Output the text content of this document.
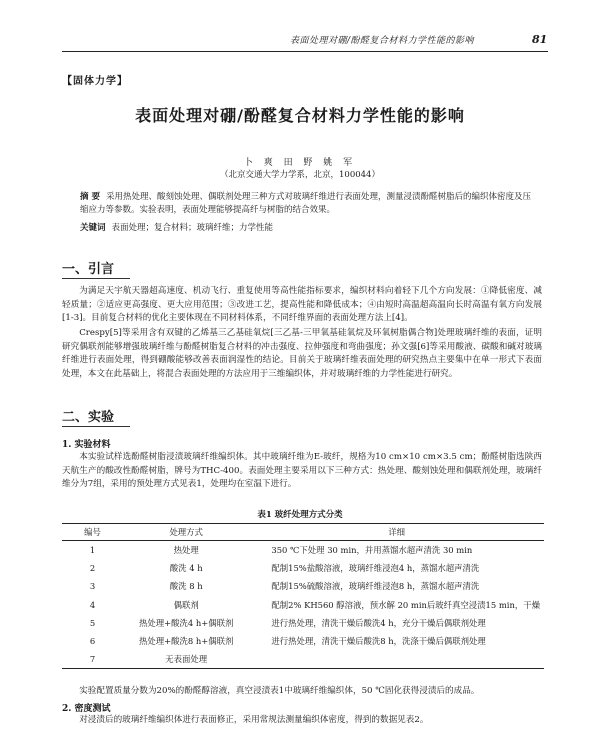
表面处理对硼/酚醛复合材料力学性能的影响	81
【固体力学】
表面处理对硼/酚醛复合材料力学性能的影响
卜 爽 田 野 姚 军
（北京交通大学力学系，北京，100044）
摘 要 采用热处理、酸刻蚀处理、偶联剂处理三种方式对玻璃纤维进行表面处理，测量浸渍酚醛树脂后的编织体密度及压缩应力等参数。实验表明，表面处理能够提高纤与树脂的结合效果。
关键词 表面处理；复合材料；玻璃纤维；力学性能
一、引言
为满足天宇航天器超高速度、机动飞行、重复使用等高性能指标要求，编织材料向着轻下几个方向发展：①降低密度、减轻质量；②适应更高强度、更大应用范围；③改进工艺，提高性能和降低成本；④由短时高温超高温向长时高温有氧方向发展[1-3]。目前复合材料的优化主要体现在不同材料体系，不同纤维界面的表面处理方法上[4]。
Crespy[5]等采用含有双键的乙烯基三乙基硅氧烷[三乙基-三甲氧基硅氧烷及环氧树脂偶合物]处理玻璃纤维的表面，证明研究偶联剂能够增强玻璃纤维与酚醛树脂复合材料的冲击强度、拉伸强度和弯曲强度；孙文强[6]等采用酸液、碳酸和碱对玻璃纤维进行表面处理，得到硼酸能够改善表面润湿性的结论。目前关于玻璃纤维表面处理的研究热点主要集中在单一形式下表面处理，本文在此基础上，将混合表面处理的方法应用于三维编织体，并对玻璃纤维的力学性能进行研究。
二、实验
1. 实验材料
本实验试样选酚醛树脂浸渍玻璃纤维编织体。其中玻璃纤维为E-玻纤，规格为10 cm×10 cm×3.5 cm；酚醛树脂选陕西天航生产的酸改性酚醛树脂，牌号为THC-400。表面处理主要采用以下三种方式：热处理、酸刻蚀处理和偶联剂处理，玻璃纤维分为7组，采用的预处理方式见表1，处理均在室温下进行。
表1 玻纤处理方式分类
编号	处理方式	详细
1	热处理	350 ℃下处理 30 min，并用蒸馏水超声清洗 30 min
2	酸洗 4 h	配制15%盐酸溶液，玻璃纤维浸泡4 h，蒸馏水超声清洗
3	酸洗 8 h	配制15%硫酸溶液，玻璃纤维浸泡8 h，蒸馏水超声清洗
4	偶联剂	配制2% KH560 醇溶液，预水解 20 min后玻纤真空浸渍15 min，干燥
5	热处理+酸洗4 h+偶联剂	进行热处理，清洗干燥后酸洗4 h，充分干燥后偶联剂处理
6	热处理+酸洗8 h+偶联剂	进行热处理，清洗干燥后酸洗8 h，洗涤干燥后偶联剂处理
7	无表面处理	
实验配置质量分数为20%的酚醛醇溶液，真空浸渍表1中玻璃纤维编织体，50 ℃固化获得浸渍后的成品。
2. 密度测试
对浸渍后的玻璃纤维编织体进行表面修正，采用常规法测量编织体密度，得到的数据见表2。
